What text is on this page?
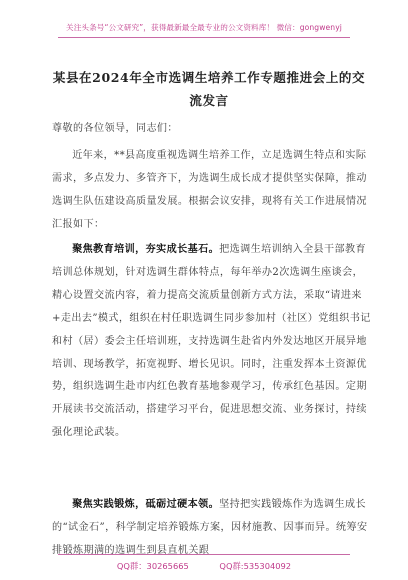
关注头条号“公文研究”，获得最新最全最专业的公文资料库！ 微信：gongwenyj
某县在2024年全市选调生培养工作专题推进会上的交流发言
尊敬的各位领导，同志们：
近年来，**县高度重视选调生培养工作，立足选调生特点和实际需求，多点发力、多管齐下，为选调生成长成才提供坚实保障，推动选调生队伍建设高质量发展。根据会议安排，现将有关工作进展情况汇报如下：
聚焦教育培训，夯实成长基石。把选调生培训纳入全县干部教育培训总体规划，针对选调生群体特点，每年举办2次选调生座谈会，精心设置交流内容，着力提高交流质量创新方式方法，采取“请进来+走出去”模式，组织在村任职选调生同步参加村（社区）党组织书记和村（居）委会主任培训班，支持选调生赴省内外发达地区开展异地培训、现场教学，拓宽视野、增长见识。同时，注重发挥本土资源优势，组织选调生赴市内红色教育基地参观学习，传承红色基因。定期开展读书交流活动，搭建学习平台，促进思想交流、业务探讨，持续强化理论武装。
聚焦实践锻炼，砥砺过硬本领。坚持把实践锻炼作为选调生成长的“试金石”，科学制定培养锻炼方案，因材施教、因事而异。统筹安排锻炼期满的选调生到县直机关跟
QQ群：30265665	QQ群:535304092
